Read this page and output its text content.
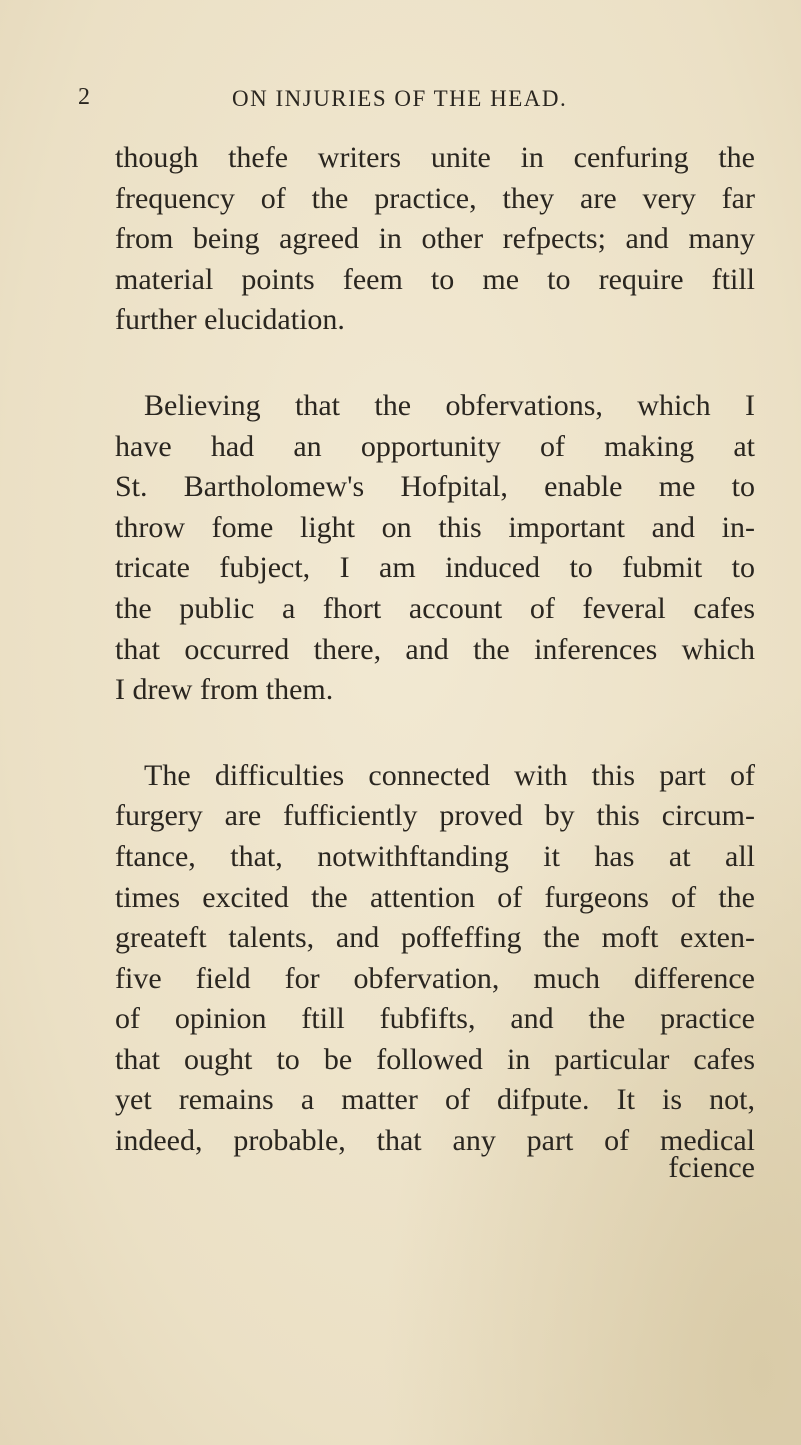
2	ON INJURIES OF THE HEAD.
though thefe writers unite in cenfuring the
frequency of the practice, they are very far
from being agreed in other refpects; and many
material points feem to me to require ftill
further elucidation.
Believing that the obfervations, which I
have had an opportunity of making at
St. Bartholomew's Hofpital, enable me to
throw fome light on this important and in-
tricate fubject, I am induced to fubmit to
the public a fhort account of feveral cafes
that occurred there, and the inferences which
I drew from them.
The difficulties connected with this part of
furgery are fufficiently proved by this circum-
ftance, that, notwithftanding it has at all
times excited the attention of furgeons of the
greateft talents, and poffeffing the moft exten-
five field for obfervation, much difference
of opinion ftill fubfifts, and the practice
that ought to be followed in particular cafes
yet remains a matter of difpute. It is not,
indeed, probable, that any part of medical
fcience
